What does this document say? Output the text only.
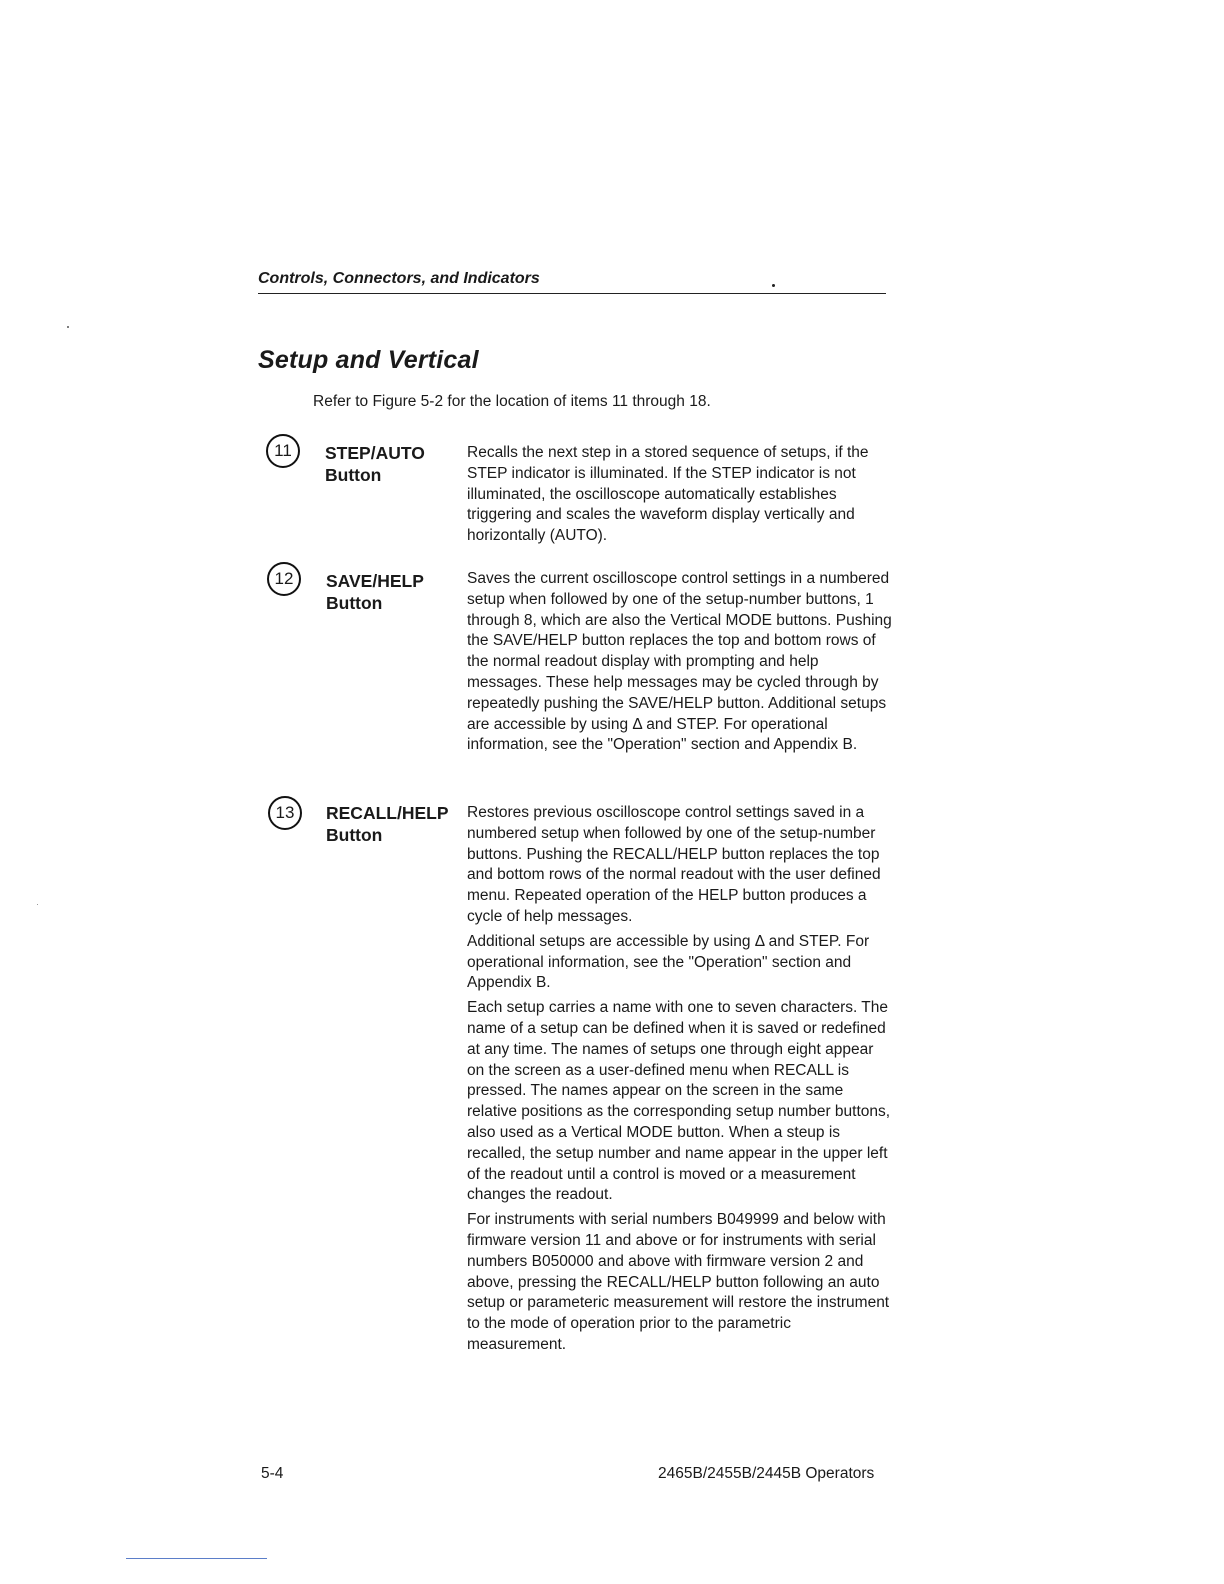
Controls, Connectors, and Indicators
Setup and Vertical

Refer to Figure 5-2 for the location of items 11 through 18.

11	STEP/AUTO
Button

Recalls the next step in a stored sequence of setups, if the STEP indicator is illuminated. If the STEP indicator is not illuminated, the oscilloscope automatically establishes triggering and scales the waveform display vertically and horizontally (AUTO).

12	SAVE/HELP
Button

Saves the current oscilloscope control settings in a numbered setup when followed by one of the setup-number buttons, 1 through 8, which are also the Vertical MODE buttons. Pushing the SAVE/HELP button replaces the top and bottom rows of the normal readout display with prompting and help messages. These help messages may be cycled through by repeatedly pushing the SAVE/HELP button. Additional setups are accessible by using Δ and STEP. For operational information, see the "Operation" section and Appendix B.

13	RECALL/HELP
Button

Restores previous oscilloscope control settings saved in a numbered setup when followed by one of the setup-number buttons. Pushing the RECALL/HELP button replaces the top and bottom rows of the normal readout with the user defined menu. Repeated operation of the HELP button produces a cycle of help messages.

Additional setups are accessible by using Δ and STEP. For operational information, see the "Operation" section and Appendix B.

Each setup carries a name with one to seven characters. The name of a setup can be defined when it is saved or redefined at any time. The names of setups one through eight appear on the screen as a user-defined menu when RECALL is pressed. The names appear on the screen in the same relative positions as the corresponding setup number buttons, also used as a Vertical MODE button. When a steup is recalled, the setup number and name appear in the upper left of the readout until a control is moved or a measurement changes the readout.

For instruments with serial numbers B049999 and below with firmware version 11 and above or for instruments with serial numbers B050000 and above with firmware version 2 and above, pressing the RECALL/HELP button following an auto setup or parameteric measurement will restore the instrument to the mode of operation prior to the parametric measurement.

5-4	2465B/2455B/2445B Operators
